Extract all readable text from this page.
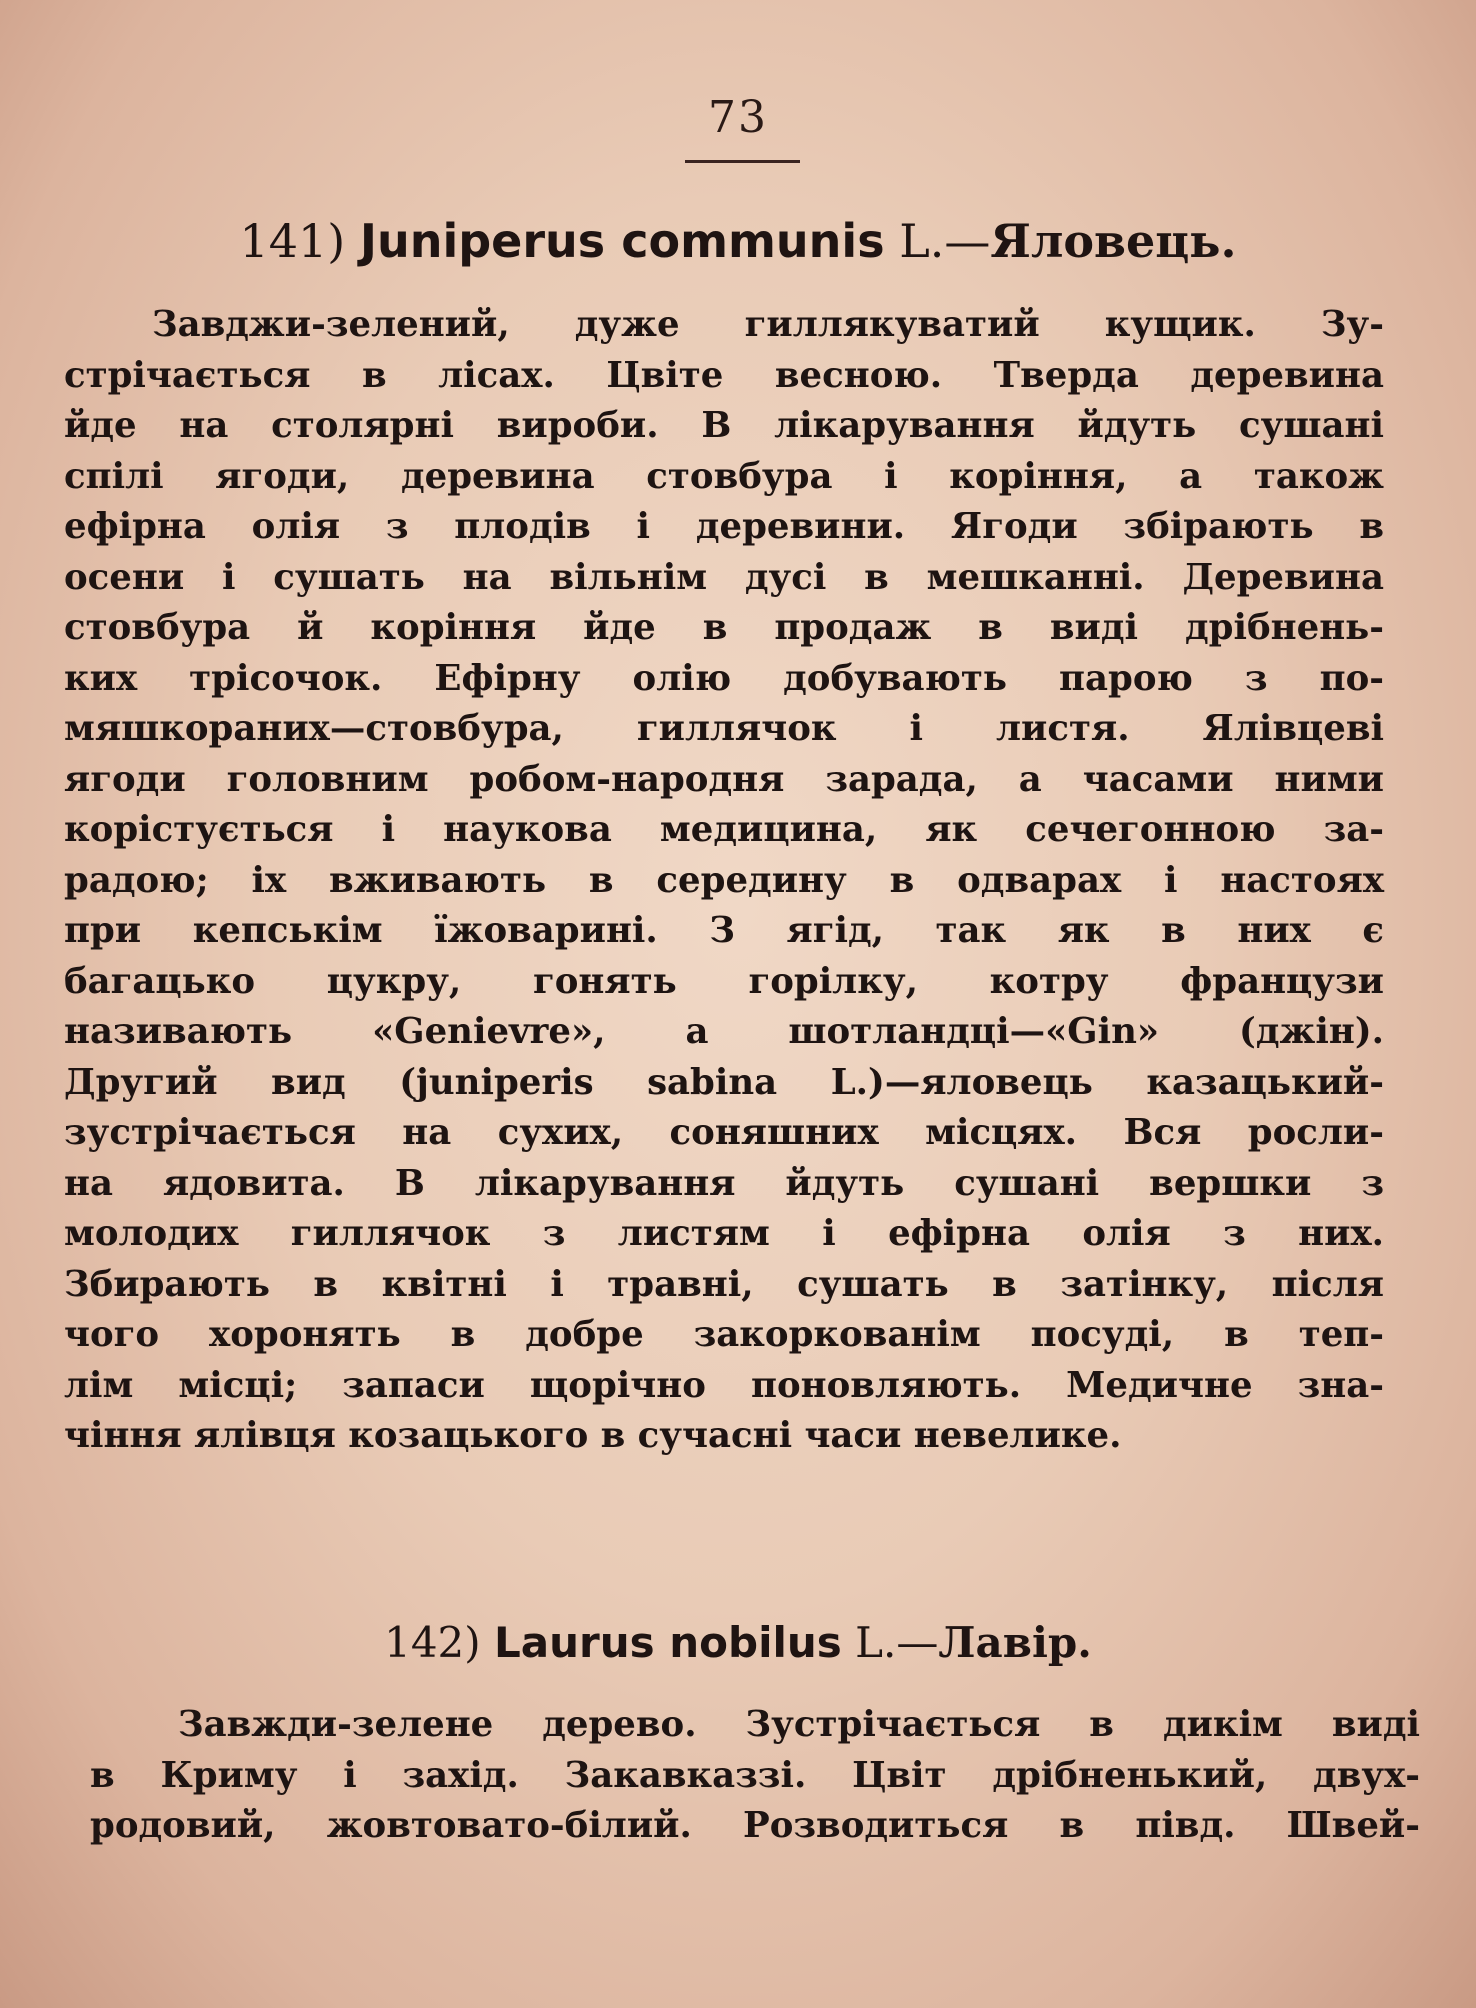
73
141) Juniperus communis L.—Яловець.
Завджи-зелений, дуже гиллякуватий кущик. Зу-
стрічається в лісах. Цвіте весною. Тверда деревина
йде на столярні вироби. В лікарування йдуть сушані
спілі ягоди, деревина стовбура і коріння, а також
ефірна олія з плодів і деревини. Ягоди збірають в
осени і сушать на вільнім дусі в мешканні. Деревина
стовбура й коріння йде в продаж в виді дрібнень-
ких трісочок. Ефірну олію добувають парою з по-
мяшкораних—стовбура, гиллячок і листя. Ялівцеві
ягоди головним робом-народня зарада, а часами ними
корістується і наукова медицина, як сечегонною за-
радою; іх вживають в середину в одварах і настоях
при кепськім їжоварині. З ягід, так як в них є
багацько цукру, гонять горілку, котру французи
називають «Genievre», а шотландці—«Gin» (джін).
Другий вид (juniperis sabina L.)—яловець казацький-
зустрічається на сухих, соняшних місцях. Вся росли-
на ядовита. В лікарування йдуть сушані вершки з
молодих гиллячок з листям і ефірна олія з них.
Збирають в квітні і травні, сушать в затінку, після
чого хоронять в добре закоркованім посуді, в теп-
лім місці; запаси щорічно поновляють. Медичне зна-
чіння ялівця козацького в сучасні часи невелике.
142) Laurus nobilus L.—Лавір.
Завжди-зелене дерево. Зустрічається в дикім виді
в Криму і захід. Закавказзі. Цвіт дрібненький, двух-
родовий, жовтовато-білий. Розводиться в півд. Швей-
